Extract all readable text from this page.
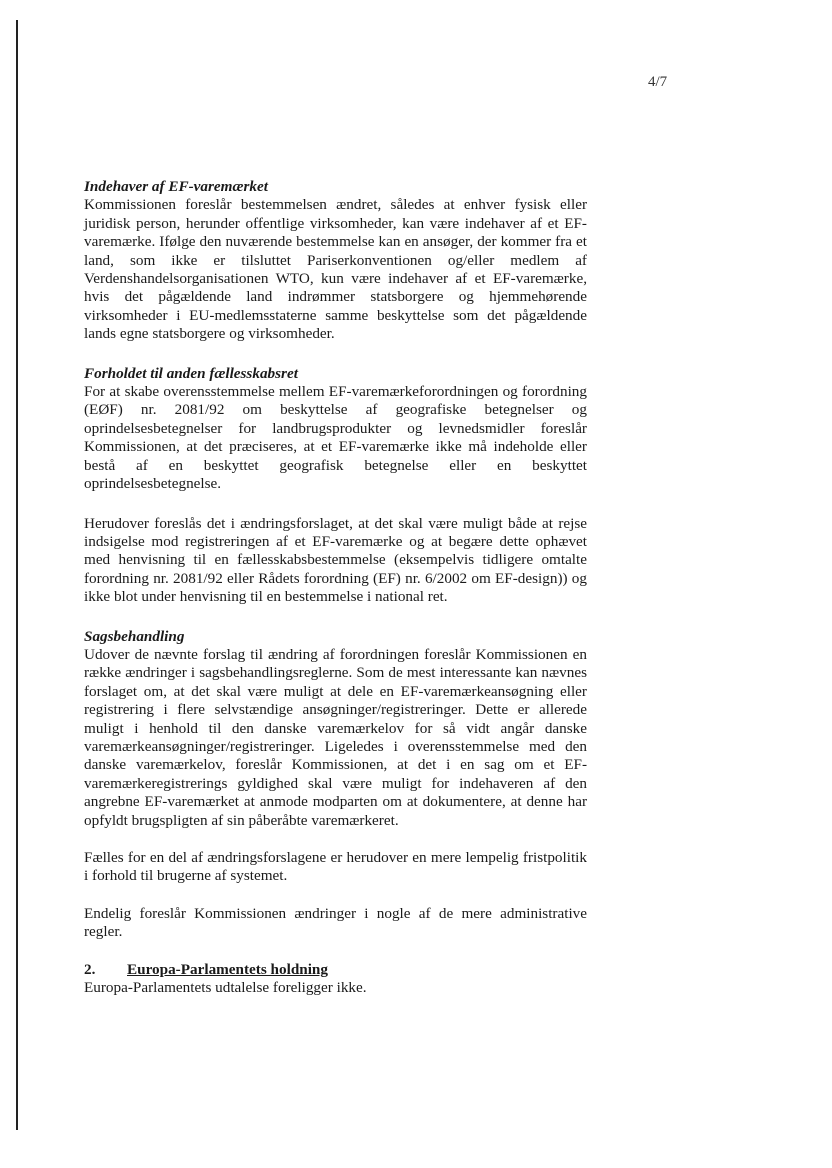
4/7
Indehaver af EF-varemærket

Kommissionen foreslår bestemmelsen ændret, således at enhver fysisk eller juridisk person, herunder offentlige virksomheder, kan være indehaver af et EF-varemærke. Ifølge den nuværende bestemmelse kan en ansøger, der kommer fra et land, som ikke er tilsluttet Pariserkonventionen og/eller medlem af Verdenshandelsorganisationen WTO, kun være indehaver af et EF-varemærke, hvis det pågældende land indrømmer statsborgere og hjemmehørende virksomheder i EU-medlemsstaterne samme beskyttelse som det pågældende lands egne statsborgere og virksomheder.

Forholdet til anden fællesskabsret

For at skabe overensstemmelse mellem EF-varemærkeforordningen og forordning (EØF) nr. 2081/92 om beskyttelse af geografiske betegnelser og oprindelsesbetegnelser for landbrugsprodukter og levnedsmidler foreslår Kommissionen, at det præciseres, at et EF-varemærke ikke må indeholde eller bestå af en beskyttet geografisk betegnelse eller en beskyttet oprindelsesbetegnelse.

Herudover foreslås det i ændringsforslaget, at det skal være muligt både at rejse indsigelse mod registreringen af et EF-varemærke og at begære dette ophævet med henvisning til en fællesskabsbestemmelse (eksempelvis tidligere omtalte forordning nr. 2081/92 eller Rådets forordning (EF) nr. 6/2002 om EF-design)) og ikke blot under henvisning til en bestemmelse i national ret.

Sagsbehandling

Udover de nævnte forslag til ændring af forordningen foreslår Kommissionen en række ændringer i sagsbehandlingsreglerne. Som de mest interessante kan nævnes forslaget om, at det skal være muligt at dele en EF-varemærkeansøgning eller registrering i flere selvstændige ansøgninger/registreringer. Dette er allerede muligt i henhold til den danske varemærkelov for så vidt angår danske varemærkeansøgninger/registreringer. Ligeledes i overensstemmelse med den danske varemærkelov, foreslår Kommissionen, at det i en sag om et EF-varemærkeregistrerings gyldighed skal være muligt for indehaveren af den angrebne EF-varemærket at anmode modparten om at dokumentere, at denne har opfyldt brugspligten af sin påberåbte varemærkeret.

Fælles for en del af ændringsforslagene er herudover en mere lempelig fristpolitik i forhold til brugerne af systemet.

Endelig foreslår Kommissionen ændringer i nogle af de mere administrative regler.

2.	Europa-Parlamentets holdning

Europa-Parlamentets udtalelse foreligger ikke.
